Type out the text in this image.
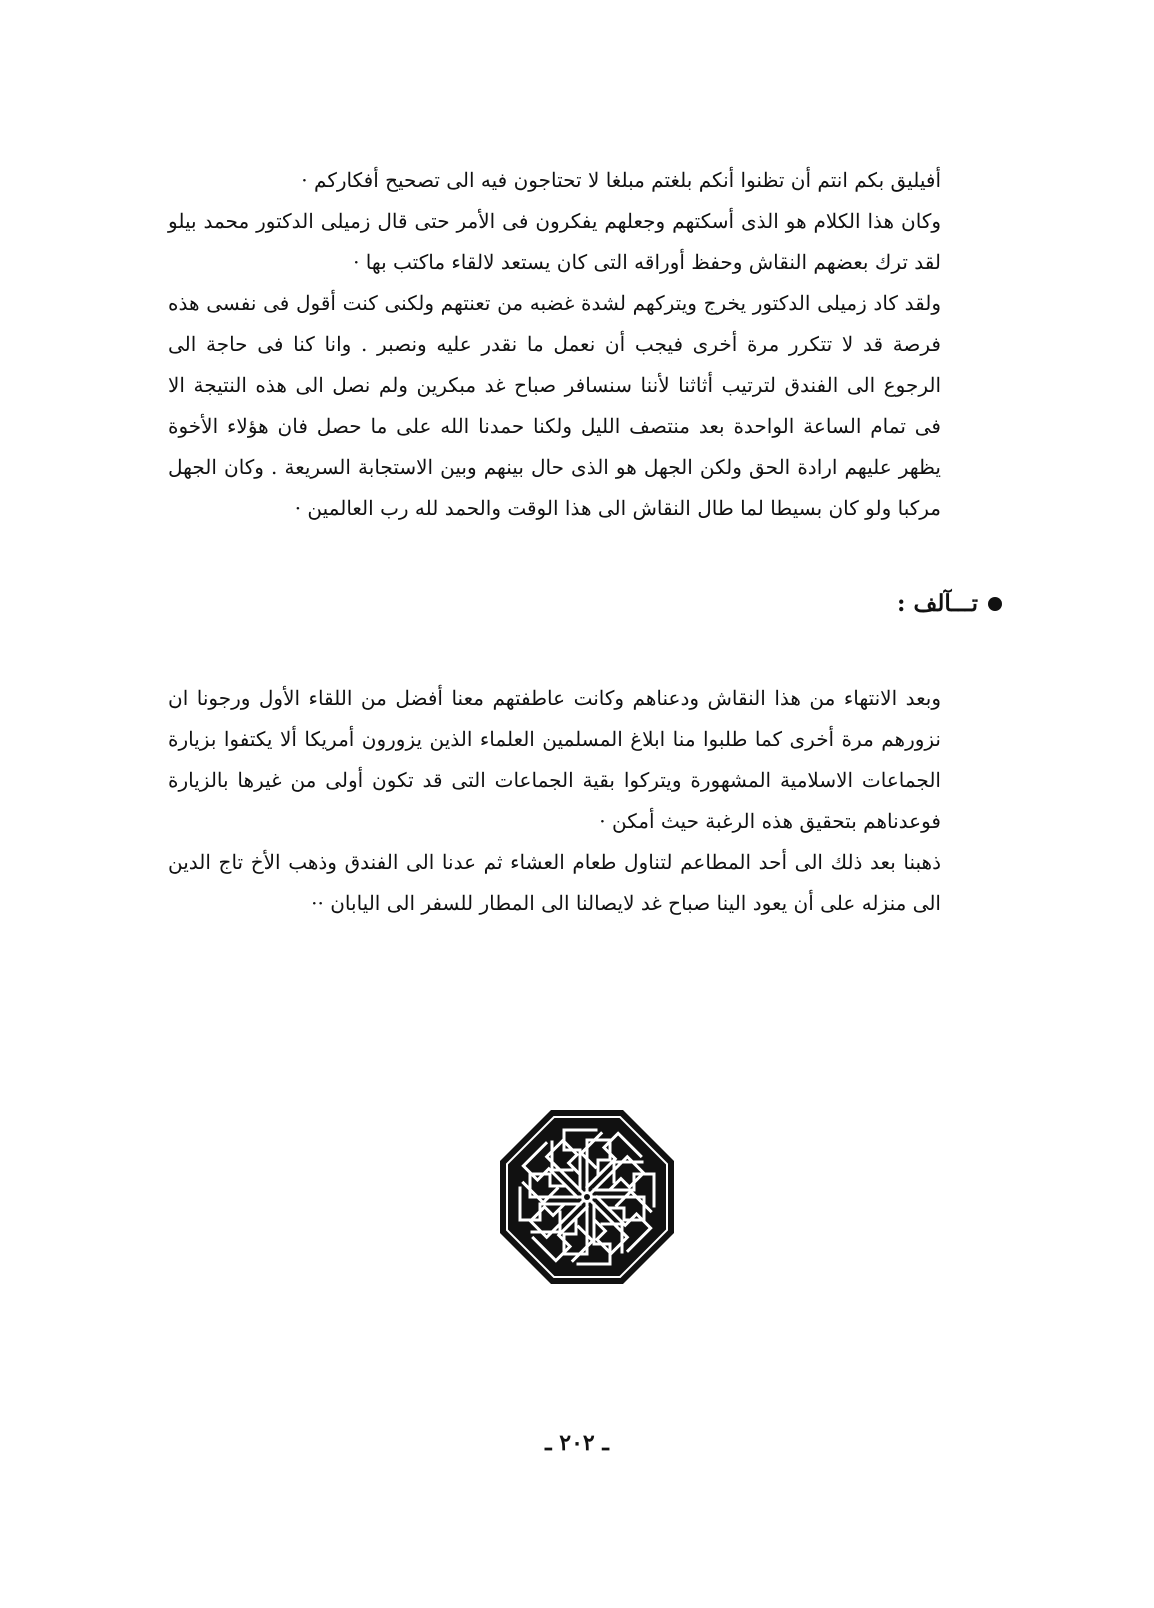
أفيليق بكم انتم أن تظنوا أنكم بلغتم مبلغا لا تحتاجون فيه الى تصحيح أفكاركم ·

وكان هذا الكلام هو الذى أسكتهم وجعلهم يفكرون فى الأمر حتى قال زميلى الدكتور محمد بيلو لقد ترك بعضهم النقاش وحفظ أوراقه التى كان يستعد لالقاء ماكتب بها ·

ولقد كاد زميلى الدكتور يخرج ويتركهم لشدة غضبه من تعنتهم ولكنى كنت أقول فى نفسى هذه فرصة قد لا تتكرر مرة أخرى فيجب أن نعمل ما نقدر عليه ونصبر . وانا كنا فى حاجة الى الرجوع الى الفندق لترتيب أثاثنا لأننا سنسافر صباح غد مبكرين ولم نصل الى هذه النتيجة الا فى تمام الساعة الواحدة بعد منتصف الليل ولكنا حمدنا الله على ما حصل فان هؤلاء الأخوة يظهر عليهم ارادة الحق ولكن الجهل هو الذى حال بينهم وبين الاستجابة السريعة . وكان الجهل مركبا ولو كان بسيطا لما طال النقاش الى هذا الوقت والحمد لله رب العالمين ·

تـــآلف :

وبعد الانتهاء من هذا النقاش ودعناهم وكانت عاطفتهم معنا أفضل من اللقاء الأول ورجونا ان نزورهم مرة أخرى كما طلبوا منا ابلاغ المسلمين العلماء الذين يزورون أمريكا ألا يكتفوا بزيارة الجماعات الاسلامية المشهورة ويتركوا بقية الجماعات التى قد تكون أولى من غيرها بالزيارة فوعدناهم بتحقيق هذه الرغبة حيث أمكن ·

ذهبنا بعد ذلك الى أحد المطاعم لتناول طعام العشاء ثم عدنا الى الفندق وذهب الأخ تاج الدين الى منزله على أن يعود الينا صباح غد لايصالنا الى المطار للسفر الى اليابان ··

ـ ٢٠٢ ـ
